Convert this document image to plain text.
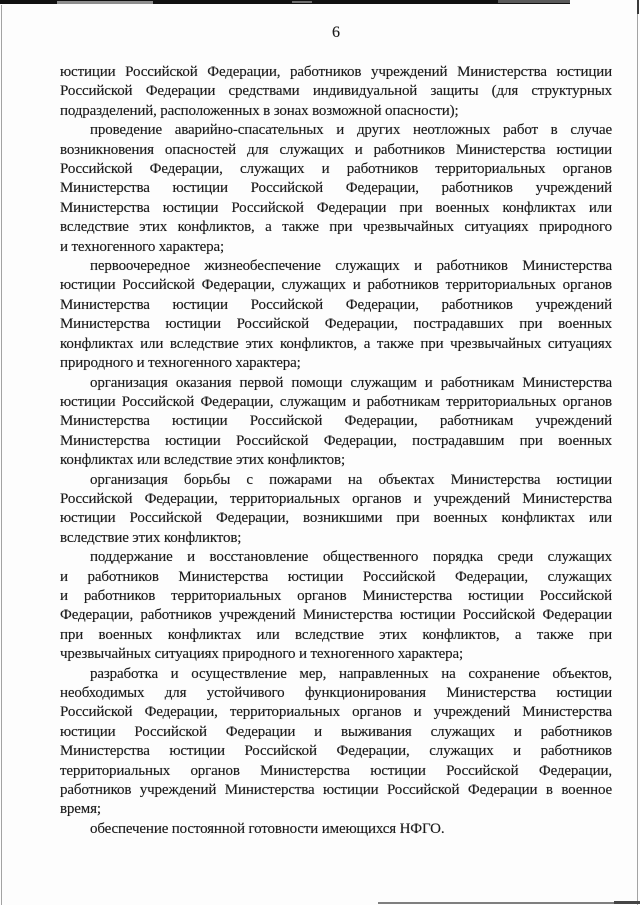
6
юстиции Российской Федерации, работников учреждений Министерства юстиции
Российской Федерации средствами индивидуальной защиты (для структурных
подразделений, расположенных в зонах возможной опасности);
проведение аварийно-спасательных и других неотложных работ в случае
возникновения опасностей для служащих и работников Министерства юстиции
Российской Федерации, служащих и работников территориальных органов
Министерства юстиции Российской Федерации, работников учреждений
Министерства юстиции Российской Федерации при военных конфликтах или
вследствие этих конфликтов, а также при чрезвычайных ситуациях природного
и техногенного характера;
первоочередное жизнеобеспечение служащих и работников Министерства
юстиции Российской Федерации, служащих и работников территориальных органов
Министерства юстиции Российской Федерации, работников учреждений
Министерства юстиции Российской Федерации, пострадавших при военных
конфликтах или вследствие этих конфликтов, а также при чрезвычайных ситуациях
природного и техногенного характера;
организация оказания первой помощи служащим и работникам Министерства
юстиции Российской Федерации, служащим и работникам территориальных органов
Министерства юстиции Российской Федерации, работникам учреждений
Министерства юстиции Российской Федерации, пострадавшим при военных
конфликтах или вследствие этих конфликтов;
организация борьбы с пожарами на объектах Министерства юстиции
Российской Федерации, территориальных органов и учреждений Министерства
юстиции Российской Федерации, возникшими при военных конфликтах или
вследствие этих конфликтов;
поддержание и восстановление общественного порядка среди служащих
и работников Министерства юстиции Российской Федерации, служащих
и работников территориальных органов Министерства юстиции Российской
Федерации, работников учреждений Министерства юстиции Российской Федерации
при военных конфликтах или вследствие этих конфликтов, а также при
чрезвычайных ситуациях природного и техногенного характера;
разработка и осуществление мер, направленных на сохранение объектов,
необходимых для устойчивого функционирования Министерства юстиции
Российской Федерации, территориальных органов и учреждений Министерства
юстиции Российской Федерации и выживания служащих и работников
Министерства юстиции Российской Федерации, служащих и работников
территориальных органов Министерства юстиции Российской Федерации,
работников учреждений Министерства юстиции Российской Федерации в военное
время;
обеспечение постоянной готовности имеющихся НФГО.
